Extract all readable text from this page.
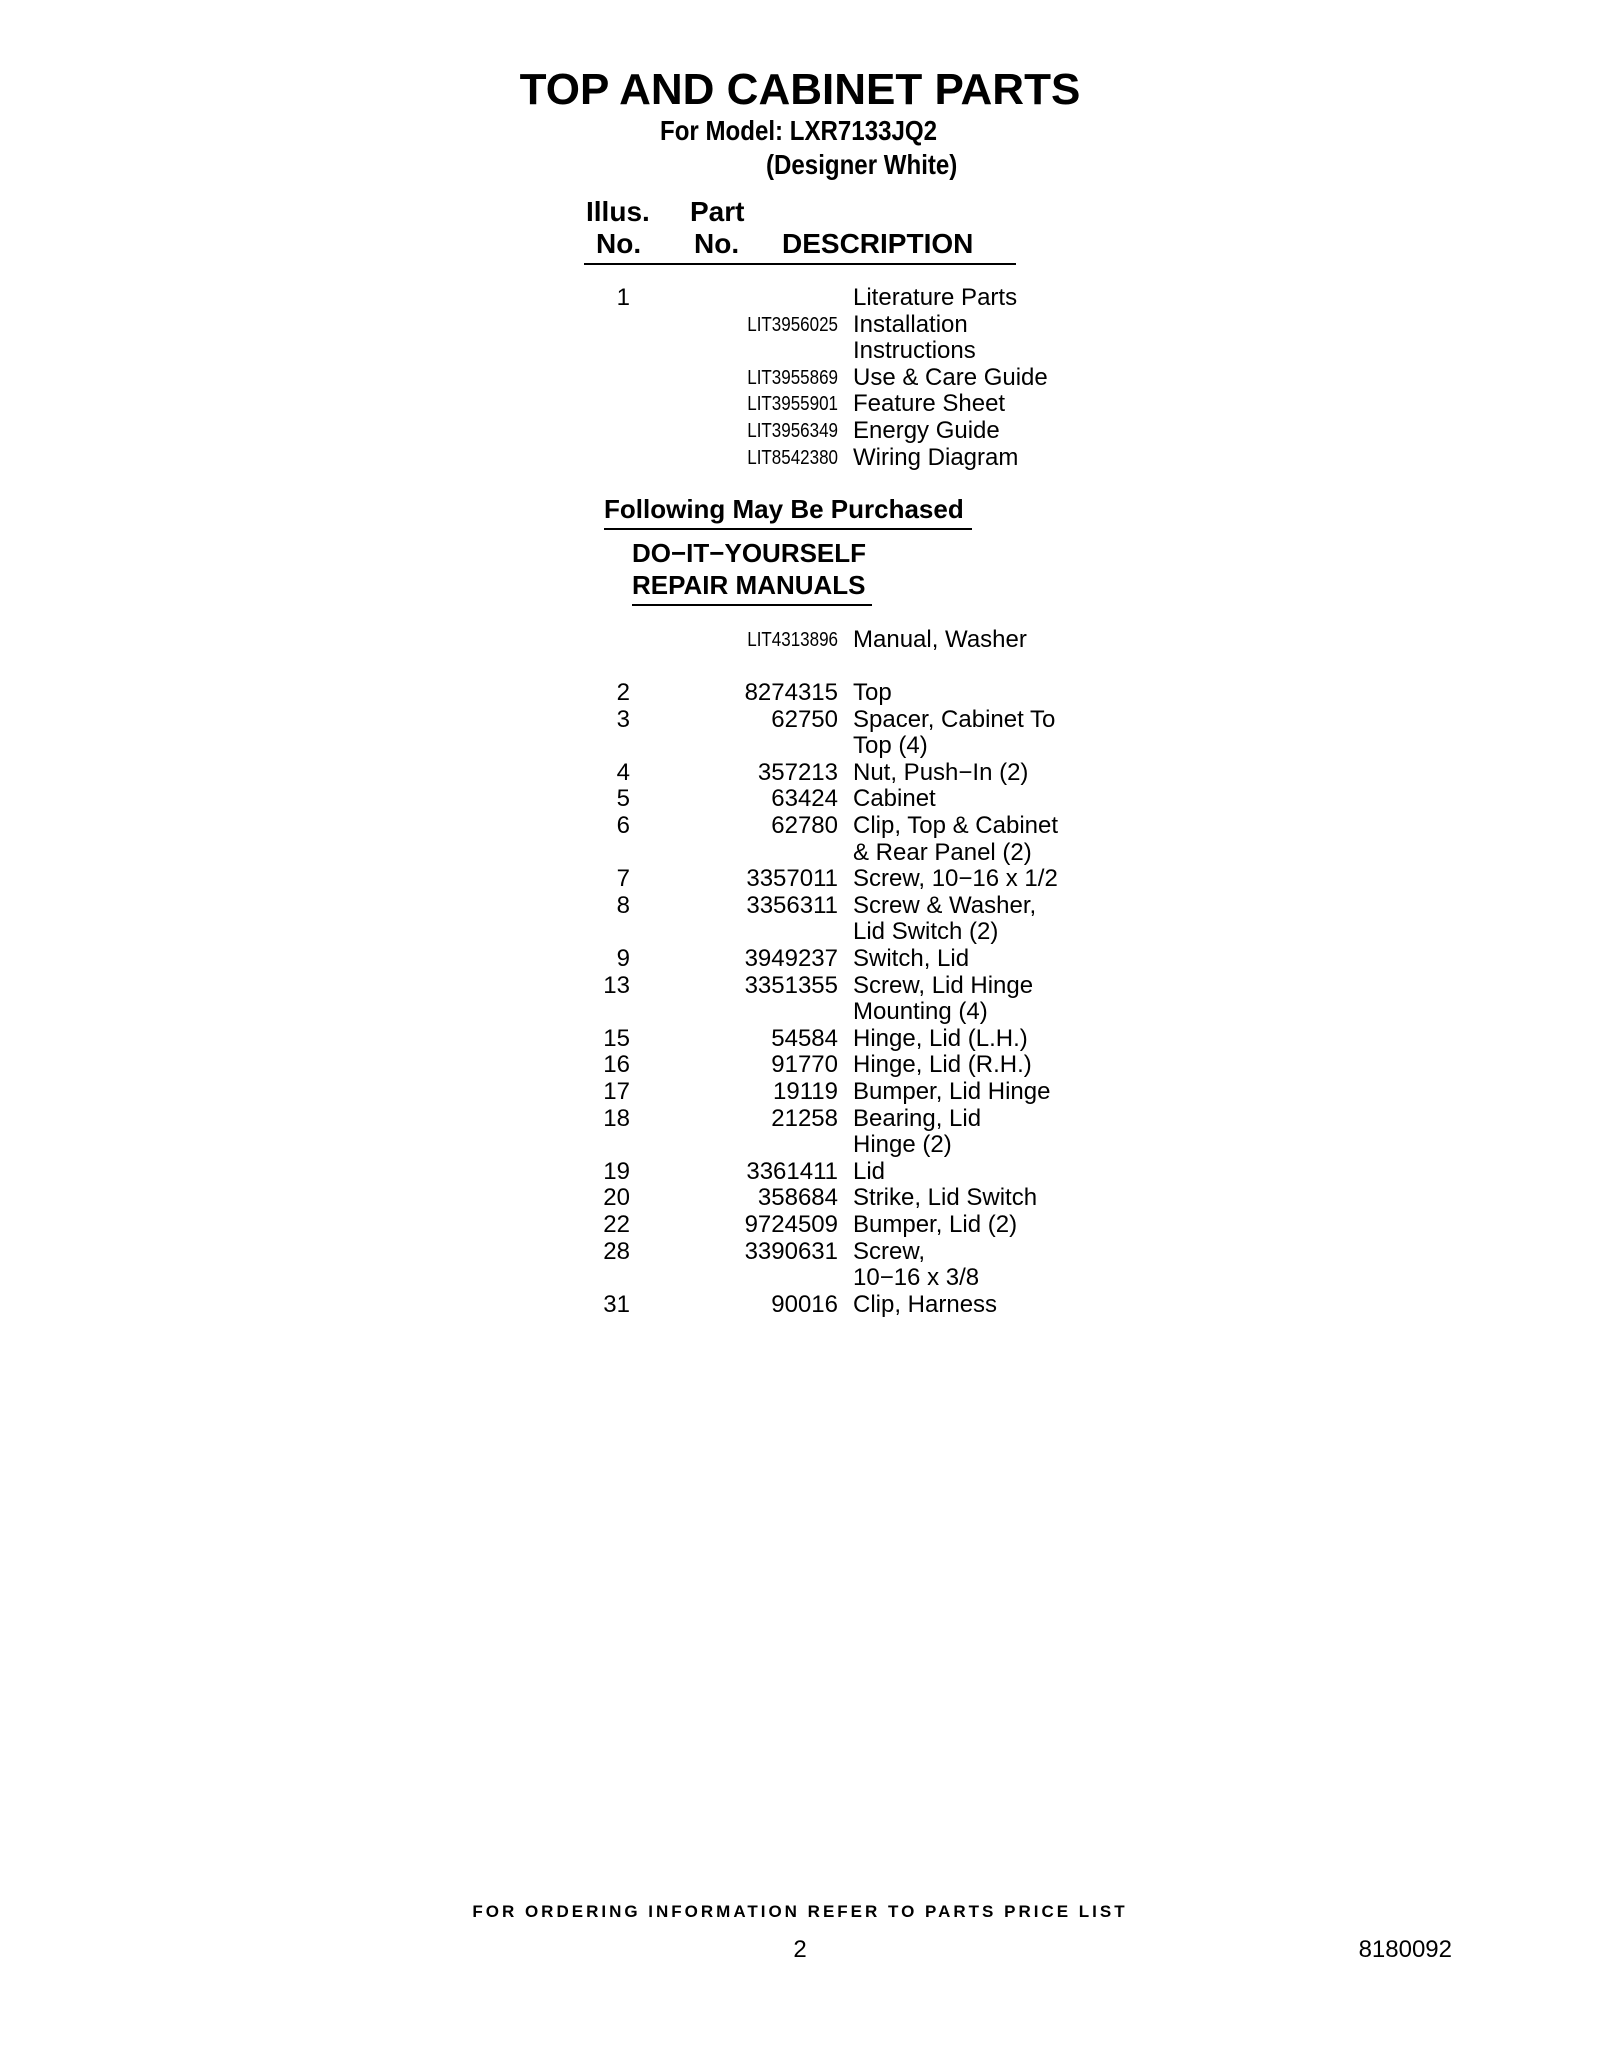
TOP AND CABINET PARTS
For Model: LXR7133JQ2
(Designer White)
Illus.
No.
Part
No. DESCRIPTION
1	Literature Parts
LIT3956025 Installation
Instructions
LIT3955869 Use & Care Guide
LIT3955901 Feature Sheet
LIT3956349 Energy Guide
LIT8542380 Wiring Diagram
Following May Be Purchased
DO−IT−YOURSELF
REPAIR MANUALS
LIT4313896 Manual, Washer
2	8274315 Top
3	62750 Spacer, Cabinet To
Top (4)
4	357213 Nut, Push−In (2)
5	63424 Cabinet
6	62780 Clip, Top & Cabinet
& Rear Panel (2)
7	3357011 Screw, 10−16 x 1/2
8	3356311 Screw & Washer,
Lid Switch (2)
9	3949237 Switch, Lid
13	3351355 Screw, Lid Hinge
Mounting (4)
15	54584 Hinge, Lid (L.H.)
16	91770 Hinge, Lid (R.H.)
17	19119 Bumper, Lid Hinge
18	21258 Bearing, Lid
Hinge (2)
19	3361411 Lid
20	358684 Strike, Lid Switch
22	9724509 Bumper, Lid (2)
28	3390631 Screw,
10−16 x 3/8
31	90016 Clip, Harness
FOR ORDERING INFORMATION REFER TO PARTS PRICE LIST
2	8180092
